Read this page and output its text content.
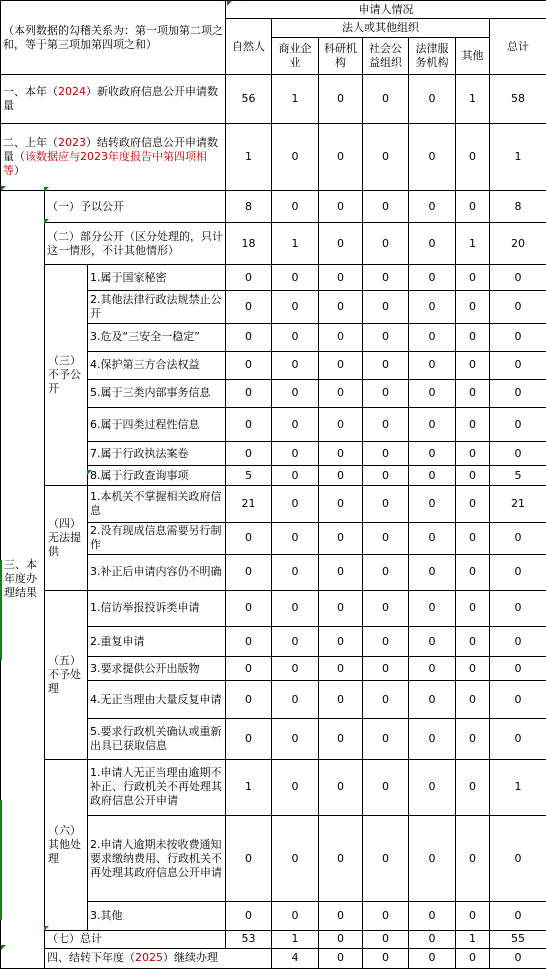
（本列数据的勾稽关系为：第一项加第二项之和，等于第三项加第四项之和）			申请人情况							
			自然人	法人或其他组织					总计	
				商业企业	科研机构	社会公益组织	法律服务机构	其他		
一、本年（2024）新收政府信息公开申请数量			56	1	0	0	0	1	58	
二、上年（2023）结转政府信息公开申请数量（该数据应与2023年度报告中第四项相等）			1	0	0	0	0	0	1	
三、本年度办理结果	（一）予以公开		8	0	0	0	0	0	8	

	（二）部分公开（区分处理的，只计这一情形，不计其他情形）		18	1	0	0	0	1	20	
	（三）不予公开	1.属于国家秘密	0	0	0	0	0	0	0	

		2.其他法律行政法规禁止公开	0	0	0	0	0	0	0	

		3.危及“三安全一稳定”	0	0	0	0	0	0	0	
		4.保护第三方合法权益	0	0	0	0	0	0	0	

		5.属于三类内部事务信息	0	0	0	0	0	0	0	
		6.属于四类过程性信息	0	0	0	0	0	0	0	
		7.属于行政执法案卷	0	0	0	0	0	0	0	
		8.属于行政查询事项	5	0	0	0	0	0	5	
	（四）无法提供	1.本机关不掌握相关政府信息	21	0	0	0	0	0	21	

		2.没有现成信息需要另行制作	0	0	0	0	0	0	0	

		3.补正后申请内容仍不明确	0	0	0	0	0	0	0	
	（五）不予处理	1.信访举报投诉类申请	0	0	0	0	0	0	0	
		2.重复申请	0	0	0	0	0	0	0	
		3.要求提供公开出版物	0	0	0	0	0	0	0	

		4.无正当理由大量反复申请	0	0	0	0	0	0	0	

		5.要求行政机关确认或重新出具已获取信息	0	0	0	0	0	0	0	
	（六）其他处理	1.申请人无正当理由逾期不补正、行政机关不再处理其政府信息公开申请	1	0	0	0	0	0	1	

		2.申请人逾期未按收费通知要求缴纳费用、行政机关不再处理其政府信息公开申请	0	0	0	0	0	0	0	
		3.其他	0	0	0	0	0	0	0	
	（七）总计		53	1	0	0	0	1	55	
	四、结转下年度（2025）继续办理			4	0	0	0	0	0	
